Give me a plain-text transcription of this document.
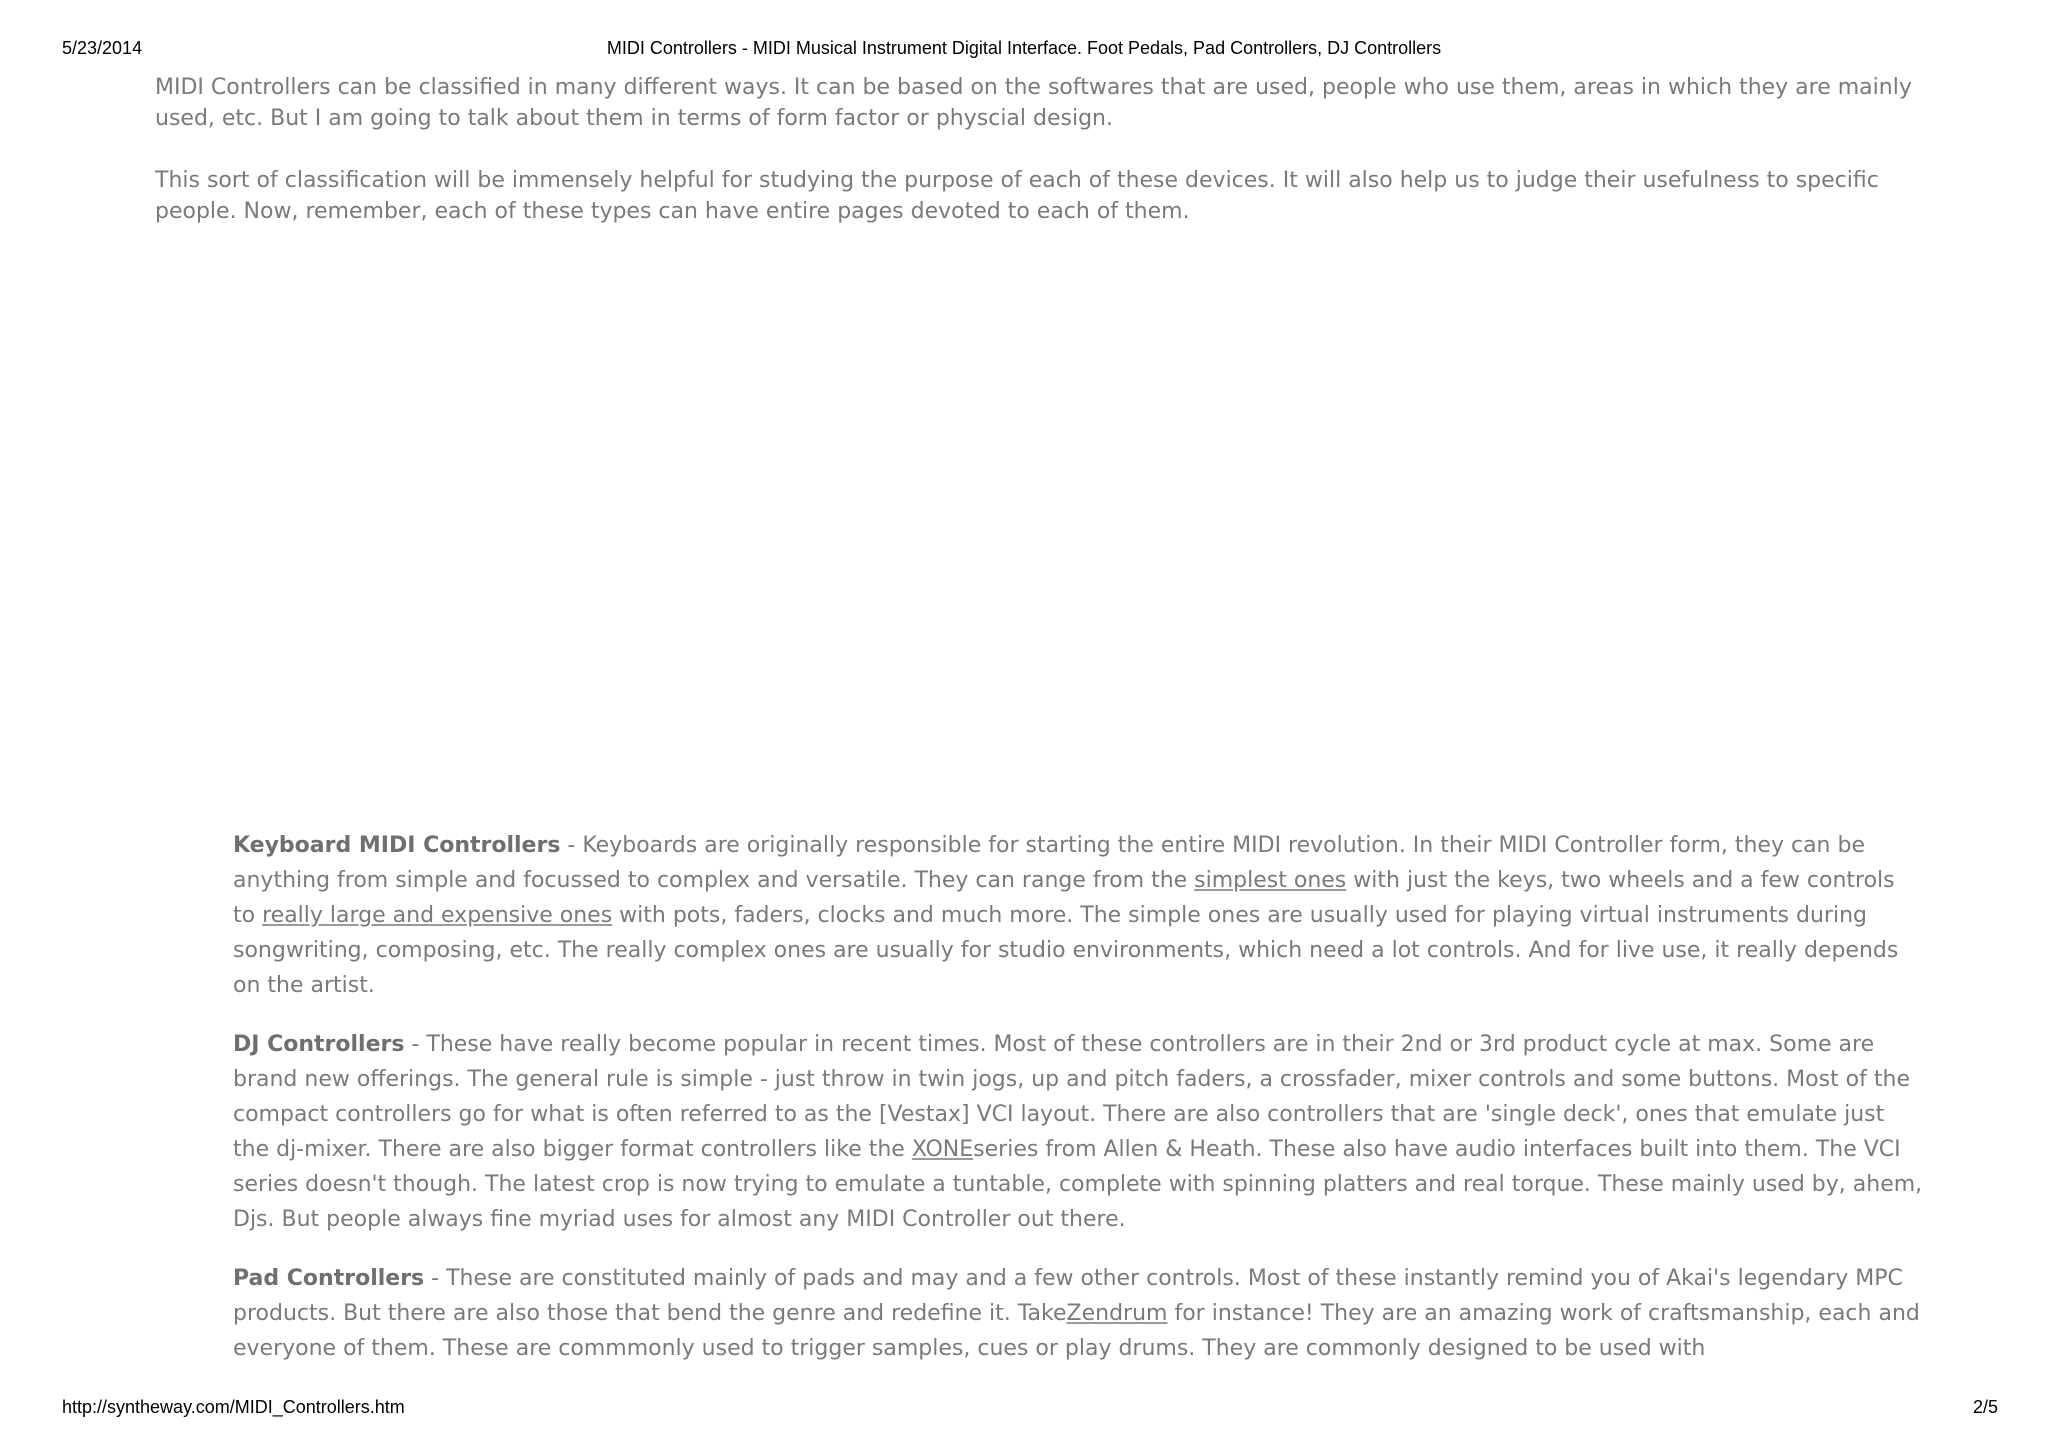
5/23/2014	MIDI Controllers - MIDI Musical Instrument Digital Interface. Foot Pedals, Pad Controllers, DJ Controllers

MIDI Controllers can be classified in many different ways. It can be based on the softwares that are used, people who use them, areas in which they are mainly used, etc. But I am going to talk about them in terms of form factor or physcial design.

This sort of classification will be immensely helpful for studying the purpose of each of these devices. It will also help us to judge their usefulness to specific people. Now, remember, each of these types can have entire pages devoted to each of them.

Keyboard MIDI Controllers - Keyboards are originally responsible for starting the entire MIDI revolution. In their MIDI Controller form, they can be anything from simple and focussed to complex and versatile. They can range from the simplest ones with just the keys, two wheels and a few controls to really large and expensive ones with pots, faders, clocks and much more. The simple ones are usually used for playing virtual instruments during songwriting, composing, etc. The really complex ones are usually for studio environments, which need a lot controls. And for live use, it really depends on the artist.

DJ Controllers - These have really become popular in recent times. Most of these controllers are in their 2nd or 3rd product cycle at max. Some are brand new offerings. The general rule is simple - just throw in twin jogs, up and pitch faders, a crossfader, mixer controls and some buttons. Most of the compact controllers go for what is often referred to as the [Vestax] VCI layout. There are also controllers that are 'single deck', ones that emulate just the dj-mixer. There are also bigger format controllers like the XONEseries from Allen & Heath. These also have audio interfaces built into them. The VCI series doesn't though. The latest crop is now trying to emulate a tuntable, complete with spinning platters and real torque. These mainly used by, ahem, Djs. But people always fine myriad uses for almost any MIDI Controller out there.

Pad Controllers - These are constituted mainly of pads and may and a few other controls. Most of these instantly remind you of Akai's legendary MPC products. But there are also those that bend the genre and redefine it. TakeZendrum for instance! They are an amazing work of craftsmanship, each and everyone of them. These are commmonly used to trigger samples, cues or play drums. They are commonly designed to be used with

http://syntheway.com/MIDI_Controllers.htm	2/5
